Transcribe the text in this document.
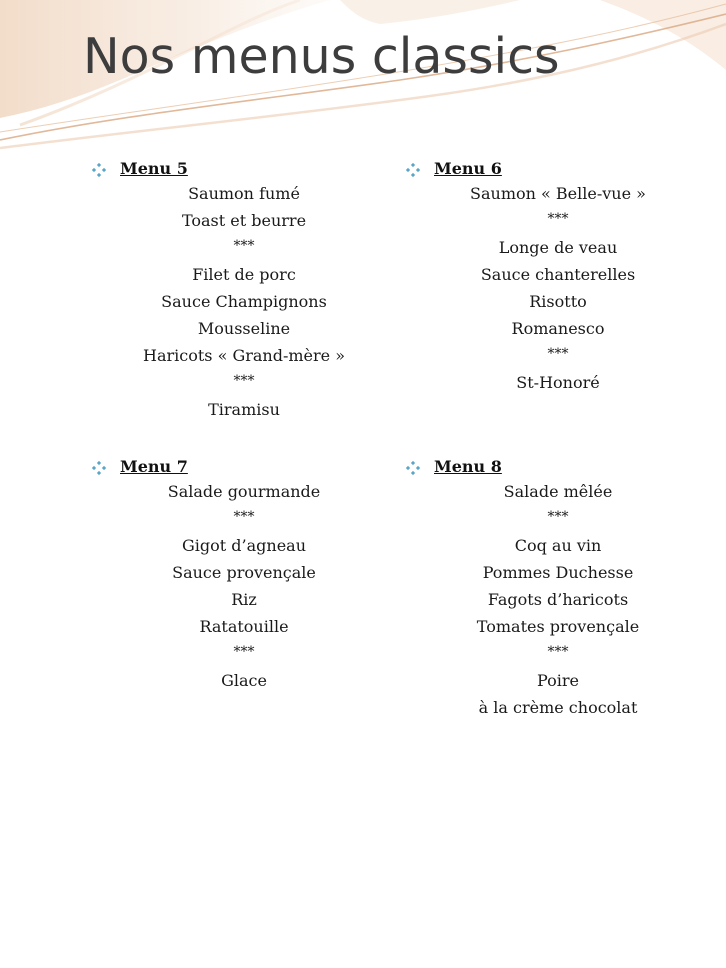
Nos menus classics
Menu 5
Saumon fumé
Toast et beurre
***
Filet de porc
Sauce Champignons
Mousseline
Haricots « Grand-mère »
***
Tiramisu
Menu 6
Saumon « Belle-vue »
***
Longe de veau
Sauce chanterelles
Risotto
Romanesco
***
St-Honoré
Menu 7
Salade gourmande
***
Gigot d’agneau
Sauce provençale
Riz
Ratatouille
***
Glace
Menu 8
Salade mêlée
***
Coq au vin
Pommes Duchesse
Fagots d’haricots
Tomates provençale
***
Poire
à la crème chocolat
